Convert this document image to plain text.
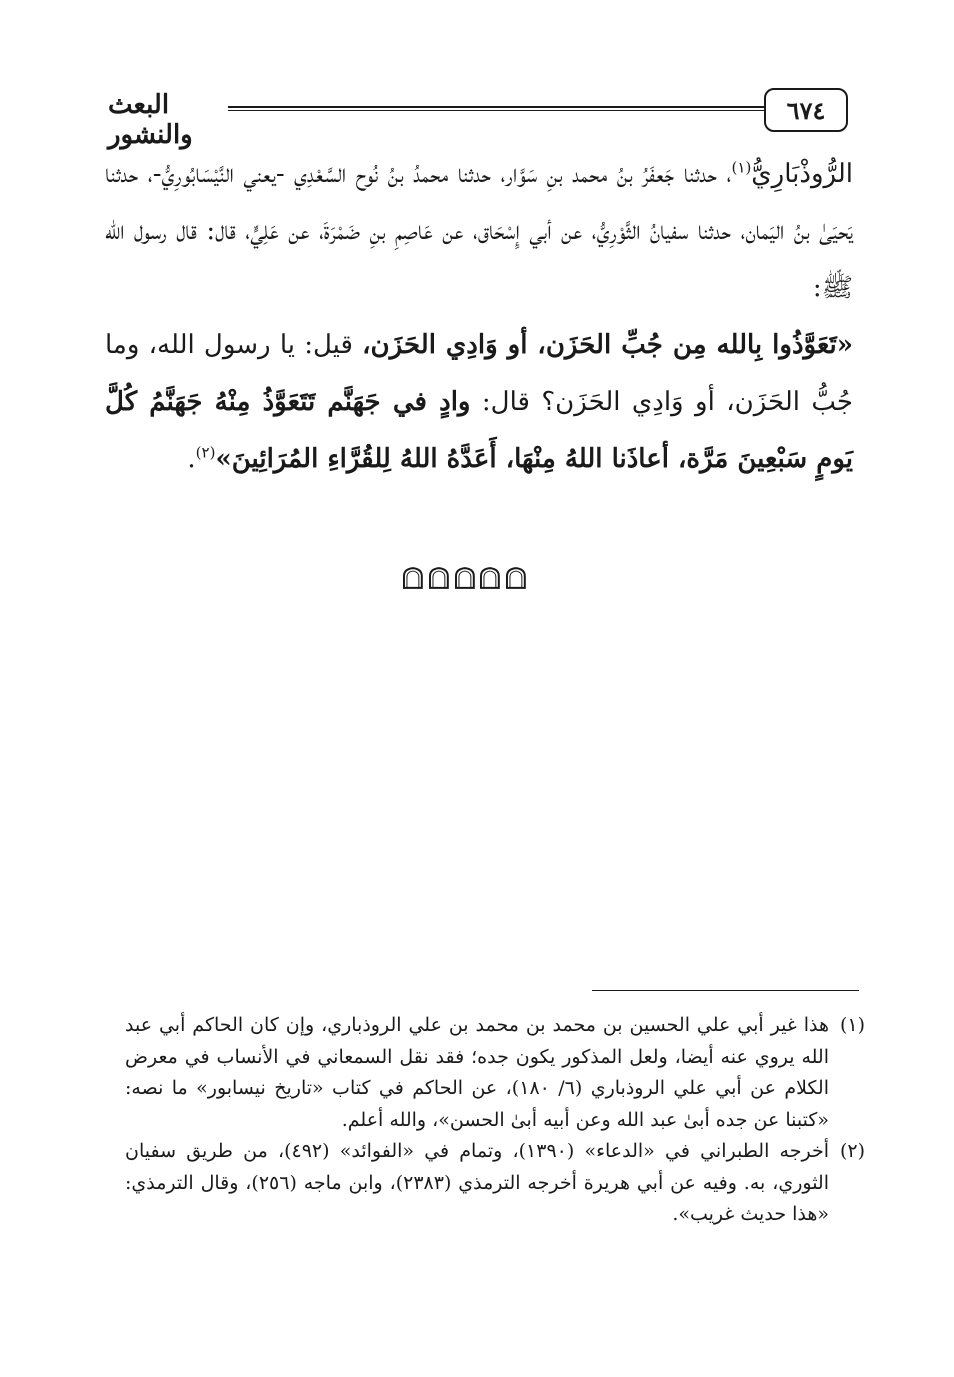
٦٧٤
البعث والنشور

الرُّوذْبَارِيُّ$^{(١)}$، حدثنا جَعفَرُ بنُ محمد بنِ سَوَّار، حدثنا محمدُ بنُ نُوح السَّعْدِي -يعني النَّيْسَابُورِيُّ-، حدثنا يَحيَىٰ بنُ اليَمان، حدثنا سفيانُ الثَّوْرِيُّ، عن أبي إِسْحَاق، عن عَاصِمِ بنِ ضَمْرَةَ، عن عَلِيٍّ، قال: قال رسول الله ﷺ:

«تَعَوَّذُوا بِالله مِن جُبِّ الحَزَن، أو وَادِي الحَزَن، قيل: يا رسول الله، وما جُبُّ الحَزَن، أو وَادِي الحَزَن؟ قال: وادٍ في جَهَنَّم تَتَعَوَّذُ مِنْهُ جَهَنَّمُ كُلَّ يَومٍ سَبْعِينَ مَرَّة، أعاذَنا اللهُ مِنْهَا، أَعَدَّهُ اللهُ لِلقُرَّاءِ المُرَائِينَ»$^{(٢)}$.

(١)
هذا غير أبي علي الحسين بن محمد بن محمد بن علي الروذباري، وإن كان الحاكم أبي عبد الله يروي عنه أيضا، ولعل المذكور يكون جده؛ فقد نقل السمعاني في الأنساب في معرض الكلام عن أبي علي الروذباري (٦/ ١٨٠)، عن الحاكم في كتاب «تاريخ نيسابور» ما نصه: «كتبنا عن جده أبىٰ عبد الله وعن أبيه أبىٰ الحسن»، والله أعلم.
(٢)
أخرجه الطبراني في «الدعاء» (١٣٩٠)، وتمام في «الفوائد» (٤٩٢)، من طريق سفيان الثوري، به. وفيه عن أبي هريرة أخرجه الترمذي (٢٣٨٣)، وابن ماجه (٢٥٦)، وقال الترمذي: «هذا حديث غريب».
